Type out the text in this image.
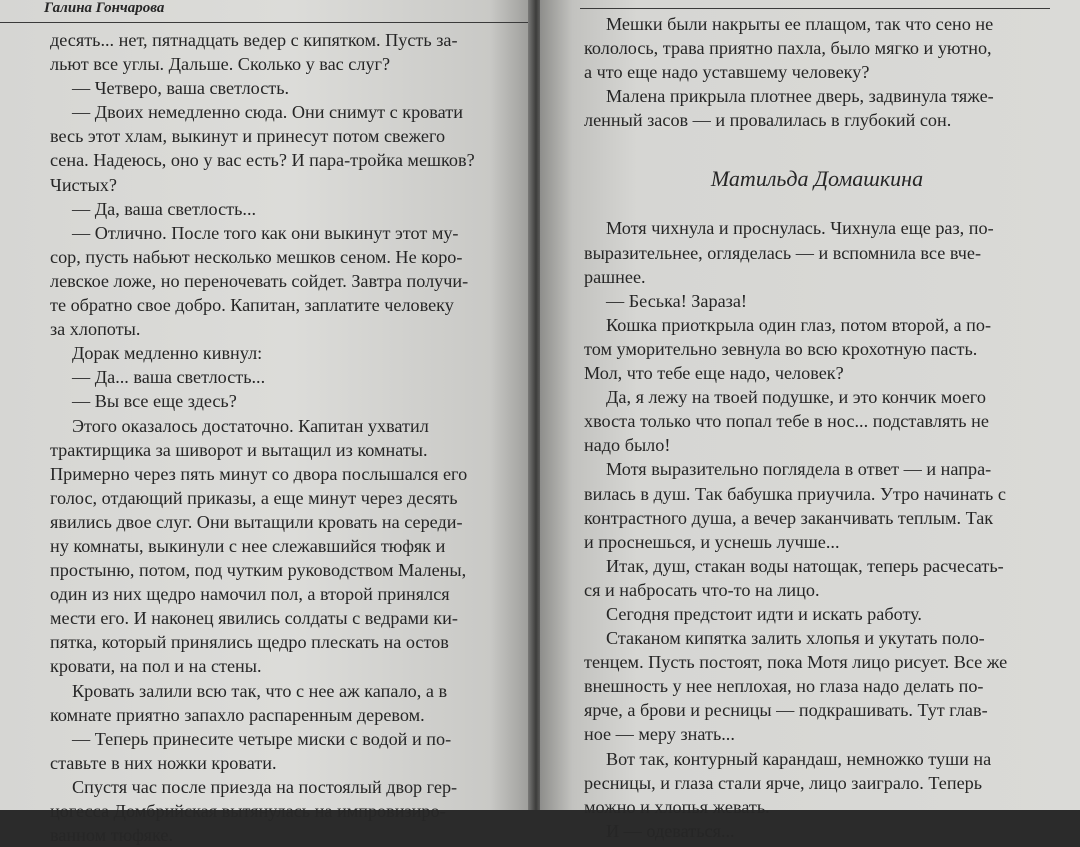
Галина Гончарова

десять... нет, пятнадцать ведер с кипятком. Пусть за-

льют все углы. Дальше. Сколько у вас слуг?

— Четверо, ваша светлость.

— Двоих немедленно сюда. Они снимут с кровати

весь этот хлам, выкинут и принесут потом свежего

сена. Надеюсь, оно у вас есть? И пара-тройка мешков?

Чистых?

— Да, ваша светлость...

— Отлично. После того как они выкинут этот му-

сор, пусть набьют несколько мешков сеном. Не коро-

левское ложе, но переночевать сойдет. Завтра получи-

те обратно свое добро. Капитан, заплатите человеку

за хлопоты.

Дорак медленно кивнул:

— Да... ваша светлость...

— Вы все еще здесь?

Этого оказалось достаточно. Капитан ухватил

трактирщика за шиворот и вытащил из комнаты.

Примерно через пять минут со двора послышался его

голос, отдающий приказы, а еще минут через десять

явились двое слуг. Они вытащили кровать на середи-

ну комнаты, выкинули с нее слежавшийся тюфяк и

простыню, потом, под чутким руководством Малены,

один из них щедро намочил пол, а второй принялся

мести его. И наконец явились солдаты с ведрами ки-

пятка, который принялись щедро плескать на остов

кровати, на пол и на стены.

Кровать залили всю так, что с нее аж капало, а в

комнате приятно запахло распаренным деревом.

— Теперь принесите четыре миски с водой и по-

ставьте в них ножки кровати.

Спустя час после приезда на постоялый двор гер-

цогесса Домбрийская вытянулась на импровизиро-

ванном тюфяке.

Мешки были накрыты ее плащом, так что сено не

кололось, трава приятно пахла, было мягко и уютно,

а что еще надо уставшему человеку?

Малена прикрыла плотнее дверь, задвинула тяже-

ленный засов — и провалилась в глубокий сон.

Матильда Домашкина

Мотя чихнула и проснулась. Чихнула еще раз, по-

выразительнее, огляделась — и вспомнила все вче-

рашнее.

— Беська! Зараза!

Кошка приоткрыла один глаз, потом второй, а по-

том уморительно зевнула во всю крохотную пасть.

Мол, что тебе еще надо, человек?

Да, я лежу на твоей подушке, и это кончик моего

хвоста только что попал тебе в нос... подставлять не

надо было!

Мотя выразительно поглядела в ответ — и напра-

вилась в душ. Так бабушка приучила. Утро начинать с

контрастного душа, а вечер заканчивать теплым. Так

и проснешься, и уснешь лучше...

Итак, душ, стакан воды натощак, теперь расчесать-

ся и набросать что-то на лицо.

Сегодня предстоит идти и искать работу.

Стаканом кипятка залить хлопья и укутать поло-

тенцем. Пусть постоят, пока Мотя лицо рисует. Все же

внешность у нее неплохая, но глаза надо делать по-

ярче, а брови и ресницы — подкрашивать. Тут глав-

ное — меру знать...

Вот так, контурный карандаш, немножко туши на

ресницы, и глаза стали ярче, лицо заиграло. Теперь

можно и хлопья жевать.

И — одеваться...
